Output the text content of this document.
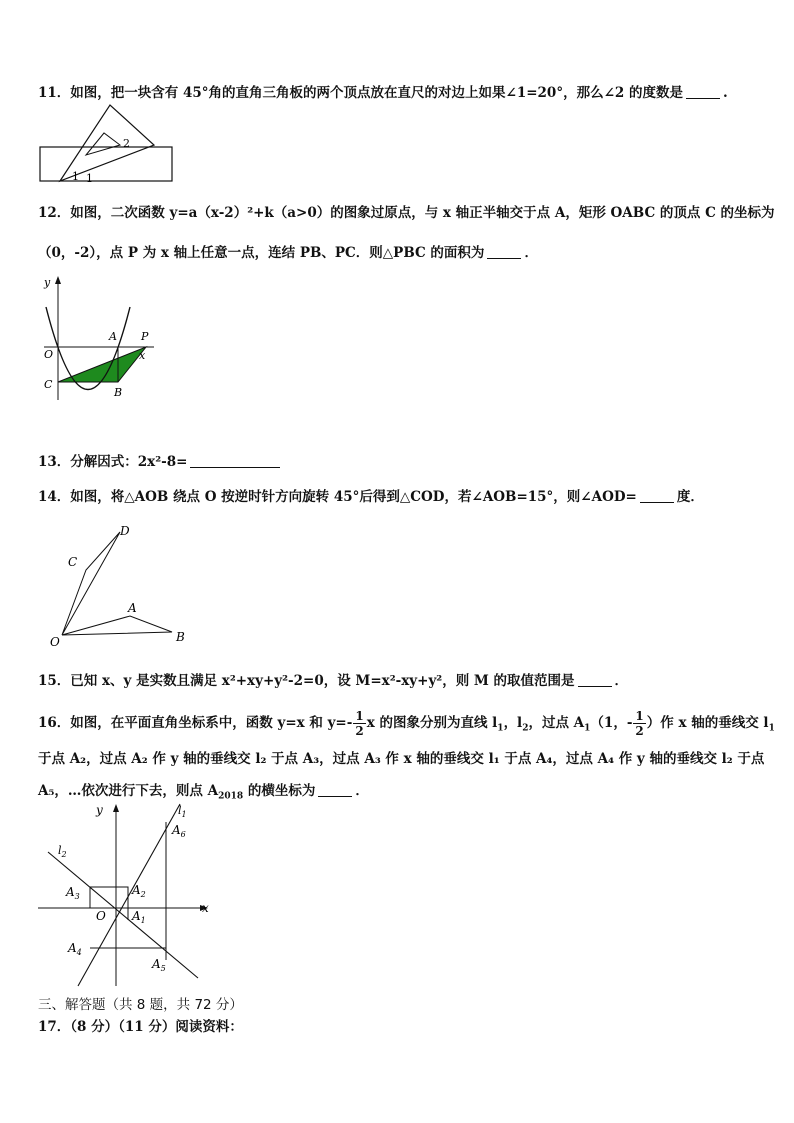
11．如图，把一块含有 45°角的直角三角板的两个顶点放在直尺的对边上如果∠1=20°，那么∠2 的度数是	.
2
1 1
12．如图，二次函数 y=a（x-2）²+k（a>0）的图象过原点，与 x 轴正半轴交于点 A，矩形 OABC 的顶点 C 的坐标为
（0，-2），点 P 为 x 轴上任意一点，连结 PB、PC．则△PBC 的面积为	．
y
x
O
A P
C
B
13．分解因式：2x²-8=
14．如图，将△AOB 绕点 O 按逆时针方向旋转 45°后得到△COD，若∠AOB=15°，则∠AOD=	度．
D
C
A
O	B
15．已知 x、y 是实数且满足 x²+xy+y²-2=0，设 M=x²-xy+y²，则 M 的取值范围是	．
16．如图，在平面直角坐标系中，函数 y=x 和 $y=- \frac{1}{2}$ x 的图象分别为直线 $l_1$，$l_2$，过点 $A_1(1$，- $\frac{1}{2}$ ）作 x 轴的垂线交 $l_1$
于点 A₂，过点 A₂ 作 y 轴的垂线交 l₂ 于点 A₃，过点 A₃ 作 x 轴的垂线交 l₁ 于点 A₄，过点 A₄ 作 y 轴的垂线交 l₂ 于点
A₅，…依次进行下去，则点 $A_{2018}$ 的横坐标为	．
y
x
O
$l_1$
$l_2$
$A_6$
$A_2$
$A_3$
$A_1$
$A_4$
$A_5$
三、解答题（共 8 题，共 72 分）
17．（8 分）（11 分）阅读资料：
